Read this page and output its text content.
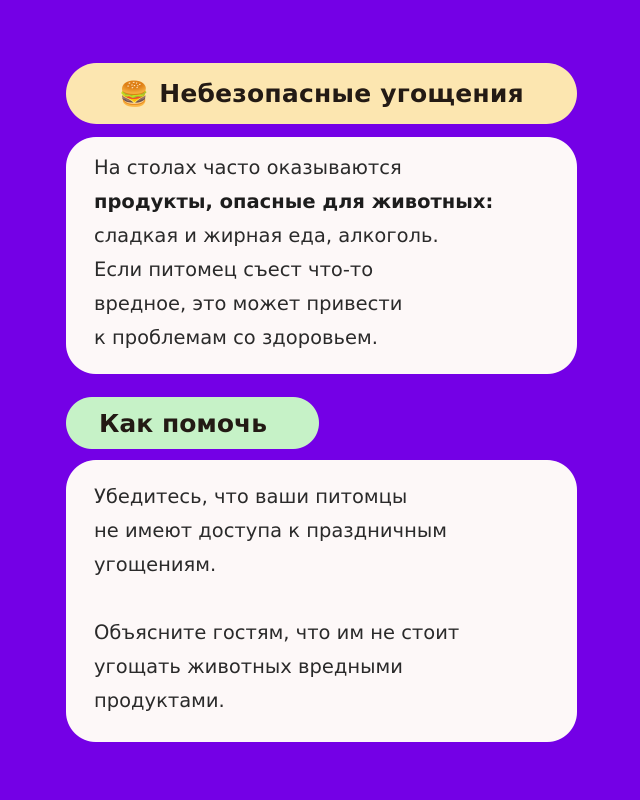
🍔 Небезопасные угощения
На столах часто оказываются
продукты, опасные для животных:
сладкая и жирная еда, алкоголь.
Если питомец съест что-то
вредное, это может привести
к проблемам со здоровьем.
Как помочь
Убедитесь, что ваши питомцы
не имеют доступа к праздничным
угощениям.

Объясните гостям, что им не стоит
угощать животных вредными
продуктами.
